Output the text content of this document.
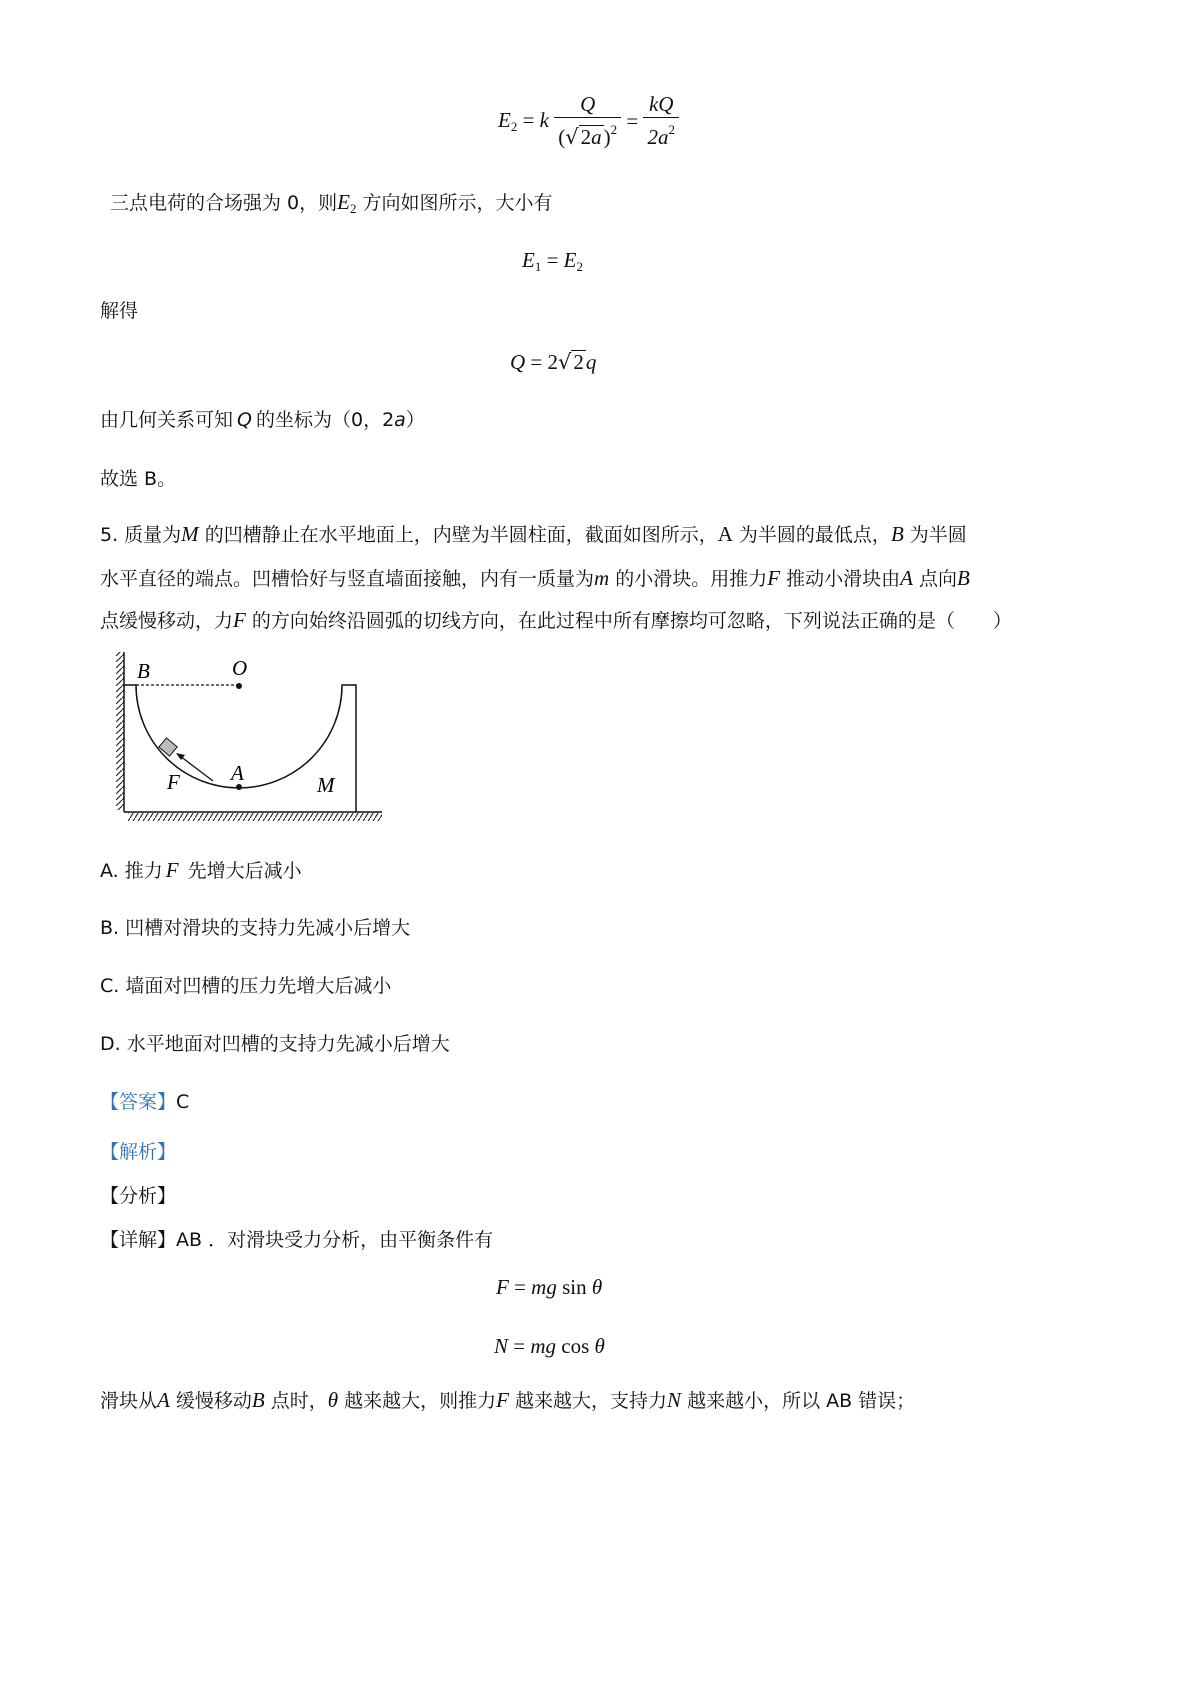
$E_2 = k \frac{Q}{(√2a)^2} = \frac{kQ}{2a^2}$
三点电荷的合场强为 0，则$E_2$ 方向如图所示，大小有
$E_1 = E_2$
解得
Q = 2√2q
由几何关系可知 Q 的坐标为（0，2a）
故选 B。
5. 质量为M 的凹槽静止在水平地面上，内壁为半圆柱面，截面如图所示，A 为半圆的最低点，B 为半圆
水平直径的端点。凹槽恰好与竖直墙面接触，内有一质量为m 的小滑块。用推力F 推动小滑块由A 点向B
点缓慢移动，力F 的方向始终沿圆弧的切线方向，在此过程中所有摩擦均可忽略，下列说法正确的是（　　）
B	O
A
F	M
A. 推力 F 先增大后减小
B. 凹槽对滑块的支持力先减小后增大
C. 墙面对凹槽的压力先增大后减小
D. 水平地面对凹槽的支持力先减小后增大
【答案】C
【解析】
【分析】
【详解】AB ．对滑块受力分析，由平衡条件有
F = mg sin θ
N = mg cos θ
滑块从A 缓慢移动B 点时，θ 越来越大，则推力F 越来越大，支持力N 越来越小，所以 AB 错误；
